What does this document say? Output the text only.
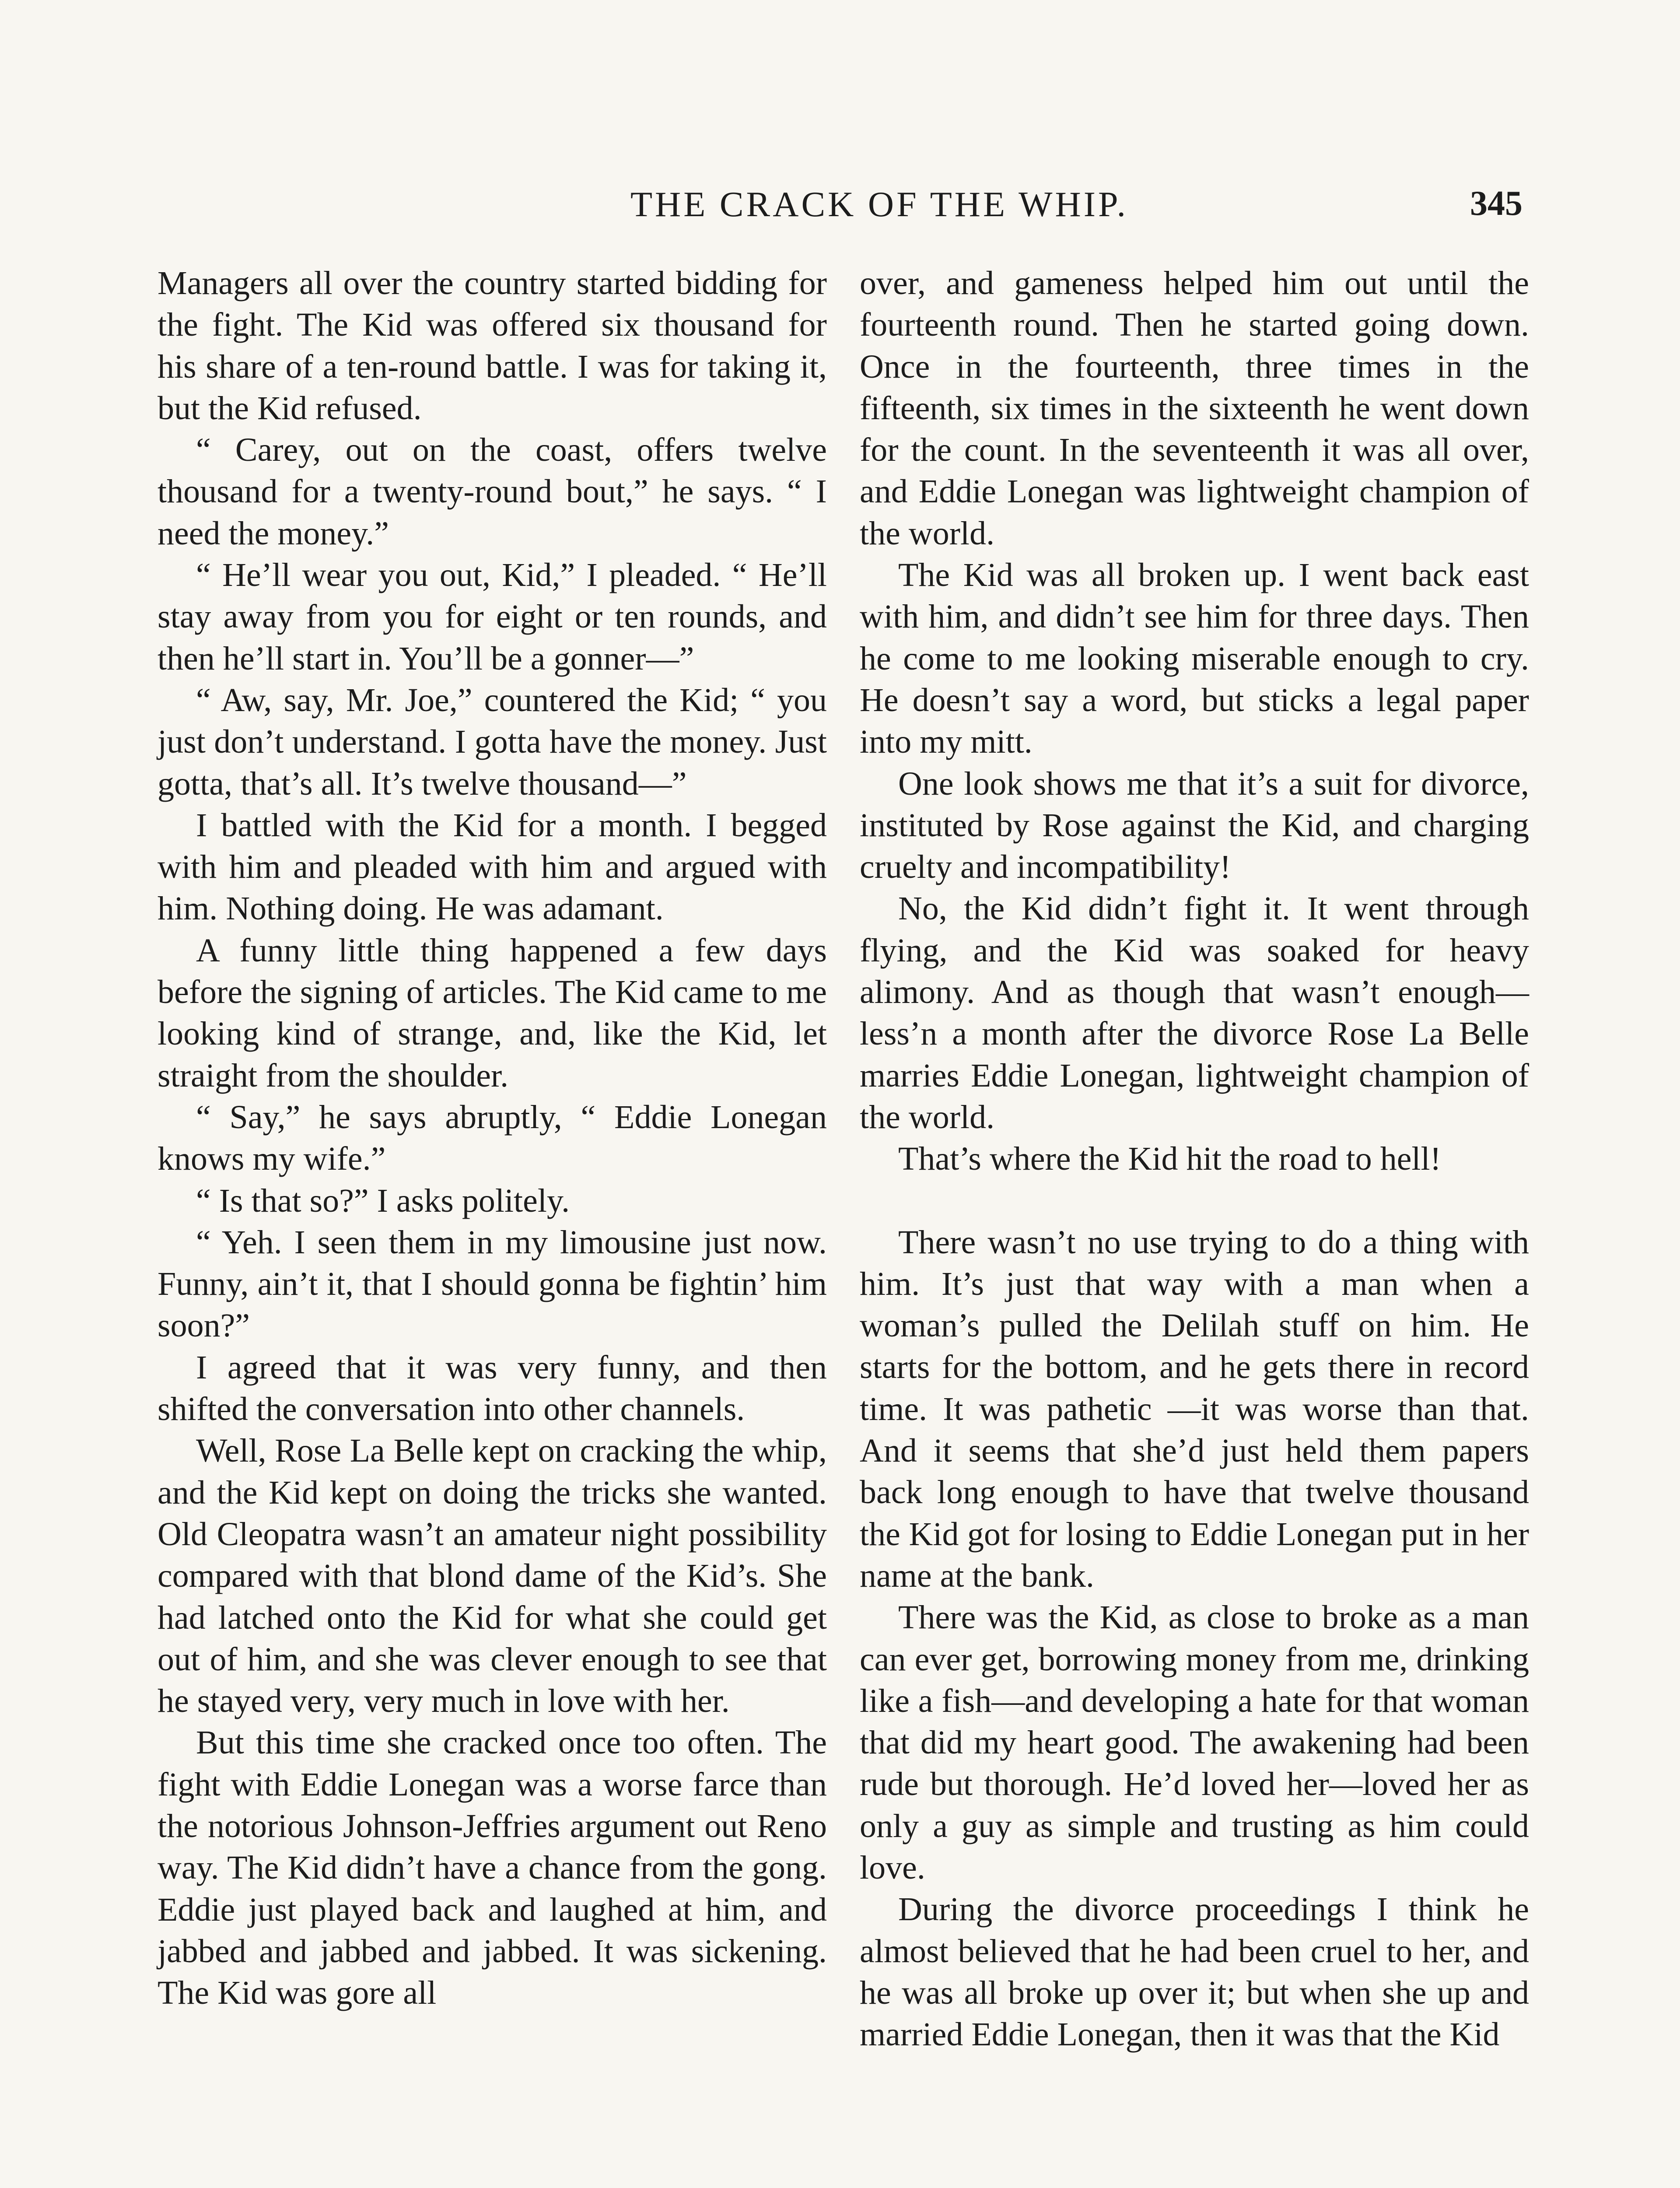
THE CRACK OF THE WHIP.	345

Managers all over the country started bidding for the fight. The Kid was offered six thousand for his share of a ten-round battle. I was for taking it, but the Kid refused.

“ Carey, out on the coast, offers twelve thousand for a twenty-round bout,” he says. “ I need the money.”

“ He’ll wear you out, Kid,” I pleaded. “ He’ll stay away from you for eight or ten rounds, and then he’ll start in. You’ll be a gonner—”

“ Aw, say, Mr. Joe,” countered the Kid; “ you just don’t understand. I gotta have the money. Just gotta, that’s all. It’s twelve thousand—”

I battled with the Kid for a month. I begged with him and pleaded with him and argued with him. Nothing doing. He was adamant.

A funny little thing happened a few days before the signing of articles. The Kid came to me looking kind of strange, and, like the Kid, let straight from the shoulder.

“ Say,” he says abruptly, “ Eddie Lonegan knows my wife.”

“ Is that so?” I asks politely.

“ Yeh. I seen them in my limousine just now. Funny, ain’t it, that I should gonna be fightin’ him soon?”

I agreed that it was very funny, and then shifted the conversation into other channels.

Well, Rose La Belle kept on cracking the whip, and the Kid kept on doing the tricks she wanted. Old Cleopatra wasn’t an amateur night possibility compared with that blond dame of the Kid’s. She had latched onto the Kid for what she could get out of him, and she was clever enough to see that he stayed very, very much in love with her.

But this time she cracked once too often. The fight with Eddie Lonegan was a worse farce than the notorious Johnson-Jeffries argument out Reno way. The Kid didn’t have a chance from the gong. Eddie just played back and laughed at him, and jabbed and jabbed and jabbed. It was sickening. The Kid was gore all

over, and gameness helped him out until the fourteenth round. Then he started going down. Once in the fourteenth, three times in the fifteenth, six times in the sixteenth he went down for the count. In the seventeenth it was all over, and Eddie Lonegan was lightweight champion of the world.

The Kid was all broken up. I went back east with him, and didn’t see him for three days. Then he come to me looking miserable enough to cry. He doesn’t say a word, but sticks a legal paper into my mitt.

One look shows me that it’s a suit for divorce, instituted by Rose against the Kid, and charging cruelty and incompatibility!

No, the Kid didn’t fight it. It went through flying, and the Kid was soaked for heavy alimony. And as though that wasn’t enough—less’n a month after the divorce Rose La Belle marries Eddie Lonegan, lightweight champion of the world.

That’s where the Kid hit the road to hell!

There wasn’t no use trying to do a thing with him. It’s just that way with a man when a woman’s pulled the Delilah stuff on him. He starts for the bottom, and he gets there in record time. It was pathetic —it was worse than that. And it seems that she’d just held them papers back long enough to have that twelve thousand the Kid got for losing to Eddie Lonegan put in her name at the bank.

There was the Kid, as close to broke as a man can ever get, borrowing money from me, drinking like a fish—and developing a hate for that woman that did my heart good. The awakening had been rude but thorough. He’d loved her—loved her as only a guy as simple and trusting as him could love.

During the divorce proceedings I think he almost believed that he had been cruel to her, and he was all broke up over it; but when she up and married Eddie Lonegan, then it was that the Kid
